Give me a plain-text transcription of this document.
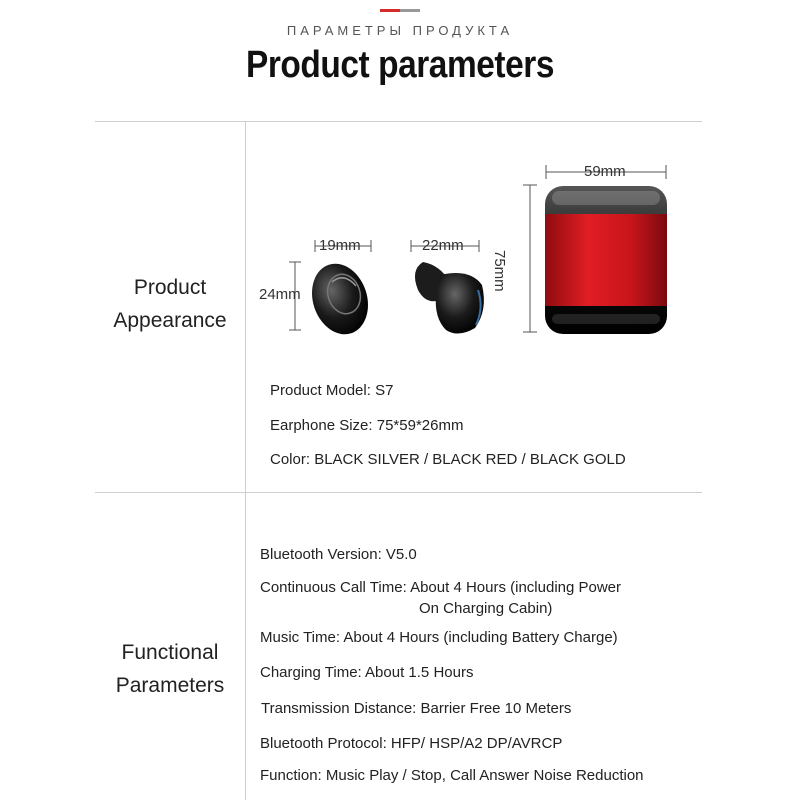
ПАРАМЕТРЫ ПРОДУКТА
Product parameters
Product
Appearance
19mm
24mm
22mm
59mm
75mm
Product Model: S7
Earphone Size: 75*59*26mm
Color: BLACK SILVER / BLACK RED / BLACK GOLD
Functional
Parameters
Bluetooth Version: V5.0
Continuous Call Time: About 4 Hours (including Power
On Charging Cabin)
Music Time: About 4 Hours (including Battery Charge)
Charging Time: About 1.5 Hours
Transmission Distance: Barrier Free 10 Meters
Bluetooth Protocol: HFP/ HSP/A2 DP/AVRCP
Function: Music Play / Stop, Call Answer Noise Reduction
